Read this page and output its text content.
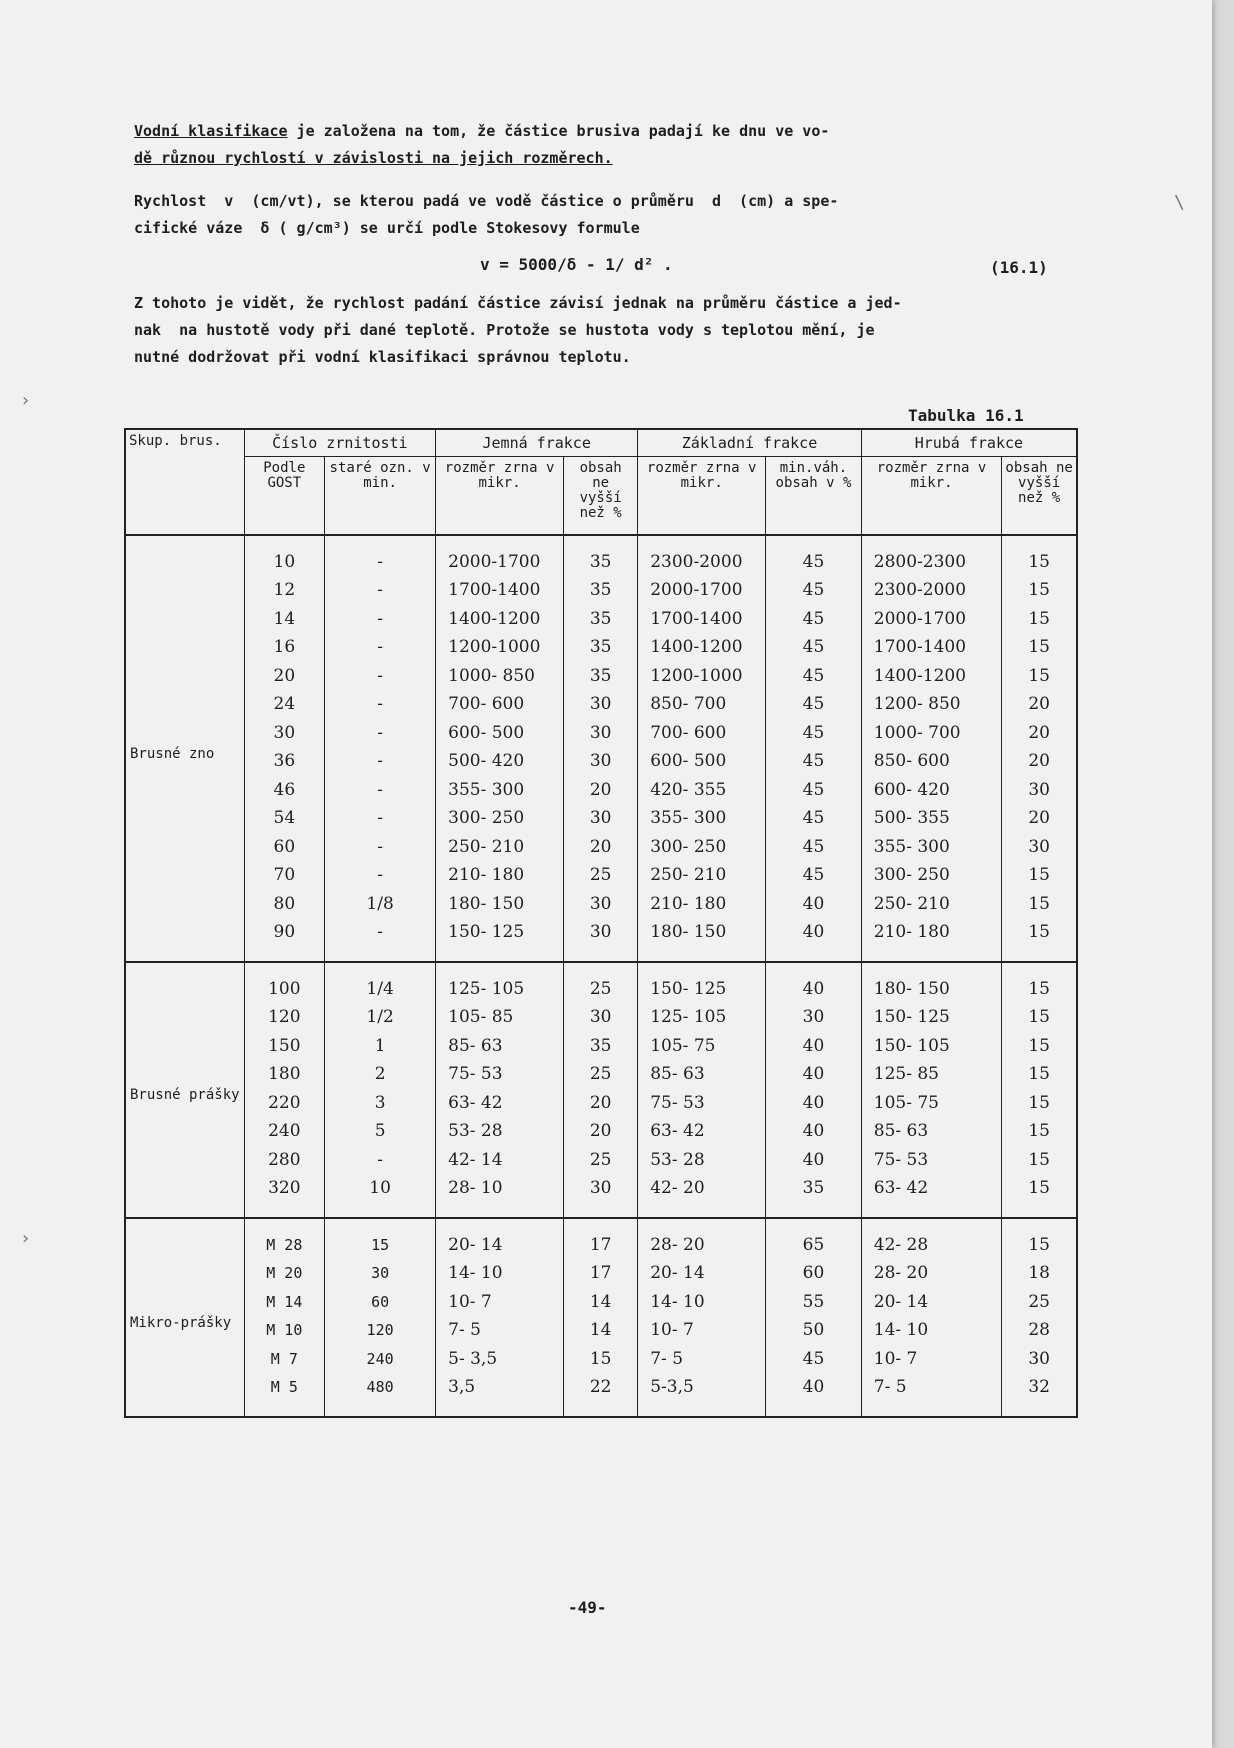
Vodní klasifikace je založena na tom, že částice brusiva padají ke dnu ve vo-
dě různou rychlostí v závislosti na jejich rozměrech.

Rychlost  v  (cm/vt), se kterou padá ve vodě částice o průměru  d  (cm) a spe-
cifické váze  δ ( g/cm³) se určí podle Stokesovy formule

v = 5000/δ - 1/ d² .	(16.1)

Z tohoto je vidět, že rychlost padání částice závisí jednak na průměru částice a jed-
nak  na hustotě vody při dané teplotě. Protože se hustota vody s teplotou mění, je
nutné dodržovat při vodní klasifikaci správnou teplotu.

Tabulka 16.1
Skup. brus.	Číslo zrnitosti		Jemná frakce		Základní frakce		Hrubá frakce	
	Podle GOST	staré ozn. v min.	rozměr zrna v mikr.	obsah ne vyšší než %	rozměr zrna v mikr.	min.váh. obsah v %	rozměr zrna v mikr.	obsah ne vyšší než %
Brusné zno	10	-	2000-1700	35	2300-2000	45	2800-2300	15
	12	-	1700-1400	35	2000-1700	45	2300-2000	15
	14	-	1400-1200	35	1700-1400	45	2000-1700	15
	16	-	1200-1000	35	1400-1200	45	1700-1400	15
	20	-	1000- 850	35	1200-1000	45	1400-1200	15
	24	-	700- 600	30	850- 700	45	1200- 850	20
	30	-	600- 500	30	700- 600	45	1000- 700	20
	36	-	500- 420	30	600- 500	45	850- 600	20
	46	-	355- 300	20	420- 355	45	600- 420	30
	54	-	300- 250	30	355- 300	45	500- 355	20
	60	-	250- 210	20	300- 250	45	355- 300	30
	70	-	210- 180	25	250- 210	45	300- 250	15
	80	1/8	180- 150	30	210- 180	40	250- 210	15
	90	-	150- 125	30	180- 150	40	210- 180	15
Brusné prášky	100	1/4	125- 105	25	150- 125	40	180- 150	15
	120	1/2	105- 85	30	125- 105	30	150- 125	15
	150	1	85- 63	35	105- 75	40	150- 105	15
	180	2	75- 53	25	85- 63	40	125- 85	15
	220	3	63- 42	20	75- 53	40	105- 75	15
	240	5	53- 28	20	63- 42	40	85- 63	15
	280	-	42- 14	25	53- 28	40	75- 53	15
	320	10	28- 10	30	42- 20	35	63- 42	15
Mikro-prášky	M 28	15	20- 14	17	28- 20	65	42- 28	15
	M 20	30	14- 10	17	20- 14	60	28- 20	18
	M 14	60	10- 7	14	14- 10	55	20- 14	25
	M 10	120	7- 5	14	10- 7	50	14- 10	28
	M 7	240	5- 3,5	15	7- 5	45	10- 7	30
	M 5	480	3,5	22	5-3,5	40	7- 5	32
-49-
\
›
›
